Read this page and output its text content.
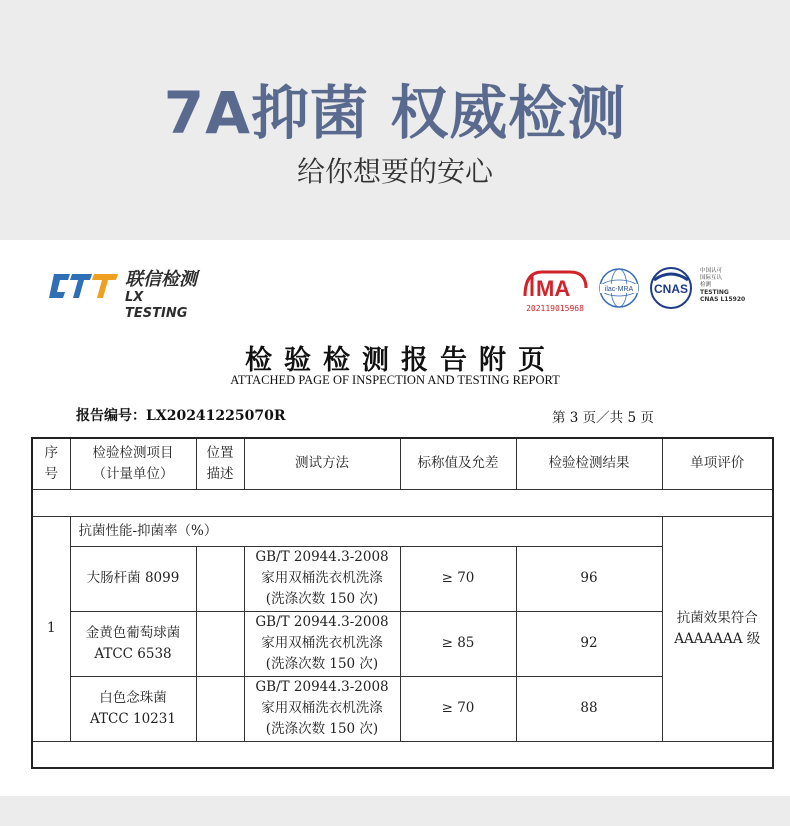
7A抑菌 权威检测
给你想要的安心
联信检测
LX TESTING
MA
202119015968
ilac-MRA CNAS
中国认可
国际互认
检测
TESTING
CNAS L15920
检验检测报告附页
ATTACHED PAGE OF INSPECTION AND TESTING REPORT
报告编号：LX20241225070R	第 3 页／共 5 页
序
号	检验检测项目
（计量单位）	位置
描述	测试方法	标称值及允差	检验检测结果	单项评价

1	抗菌性能-抑菌率（%）					抗菌效果符合
AAAAAAA 级
	大肠杆菌 8099		GB/T 20944.3-2008
家用双桶洗衣机洗涤
(洗涤次数 150 次)	≥ 70	96	
	金黄色葡萄球菌
ATCC 6538		GB/T 20944.3-2008
家用双桶洗衣机洗涤
(洗涤次数 150 次)	≥ 85	92	
	白色念珠菌
ATCC 10231		GB/T 20944.3-2008
家用双桶洗衣机洗涤
(洗涤次数 150 次)	≥ 70	88	
